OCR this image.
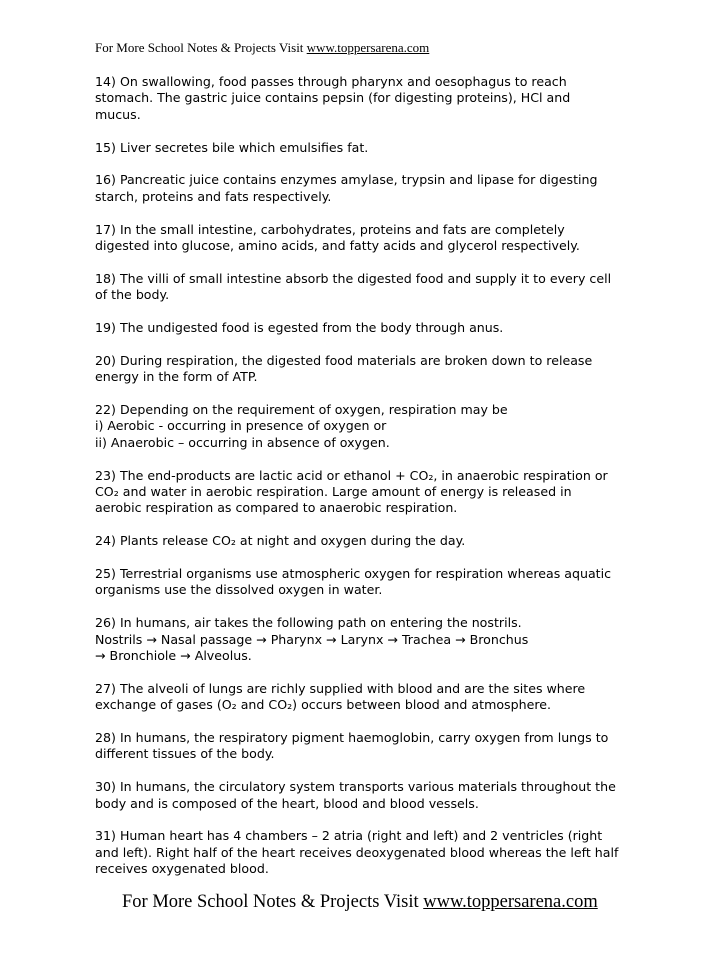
For More School Notes & Projects Visit www.toppersarena.com
14) On swallowing, food passes through pharynx and oesophagus to reach
stomach. The gastric juice contains pepsin (for digesting proteins), HCl and
mucus.
15) Liver secretes bile which emulsifies fat.
16) Pancreatic juice contains enzymes amylase, trypsin and lipase for digesting
starch, proteins and fats respectively.
17) In the small intestine, carbohydrates, proteins and fats are completely
digested into glucose, amino acids, and fatty acids and glycerol respectively.
18) The villi of small intestine absorb the digested food and supply it to every cell
of the body.
19) The undigested food is egested from the body through anus.
20) During respiration, the digested food materials are broken down to release
energy in the form of ATP.
22) Depending on the requirement of oxygen, respiration may be
i) Aerobic - occurring in presence of oxygen or
ii) Anaerobic – occurring in absence of oxygen.
23) The end-products are lactic acid or ethanol + CO₂, in anaerobic respiration or
CO₂ and water in aerobic respiration. Large amount of energy is released in
aerobic respiration as compared to anaerobic respiration.
24) Plants release CO₂ at night and oxygen during the day.
25) Terrestrial organisms use atmospheric oxygen for respiration whereas aquatic
organisms use the dissolved oxygen in water.
26) In humans, air takes the following path on entering the nostrils.
Nostrils → Nasal passage → Pharynx → Larynx → Trachea → Bronchus
→ Bronchiole → Alveolus.
27) The alveoli of lungs are richly supplied with blood and are the sites where
exchange of gases (O₂ and CO₂) occurs between blood and atmosphere.
28) In humans, the respiratory pigment haemoglobin, carry oxygen from lungs to
different tissues of the body.
30) In humans, the circulatory system transports various materials throughout the
body and is composed of the heart, blood and blood vessels.
31) Human heart has 4 chambers – 2 atria (right and left) and 2 ventricles (right
and left). Right half of the heart receives deoxygenated blood whereas the left half
receives oxygenated blood.
For More School Notes & Projects Visit www.toppersarena.com
